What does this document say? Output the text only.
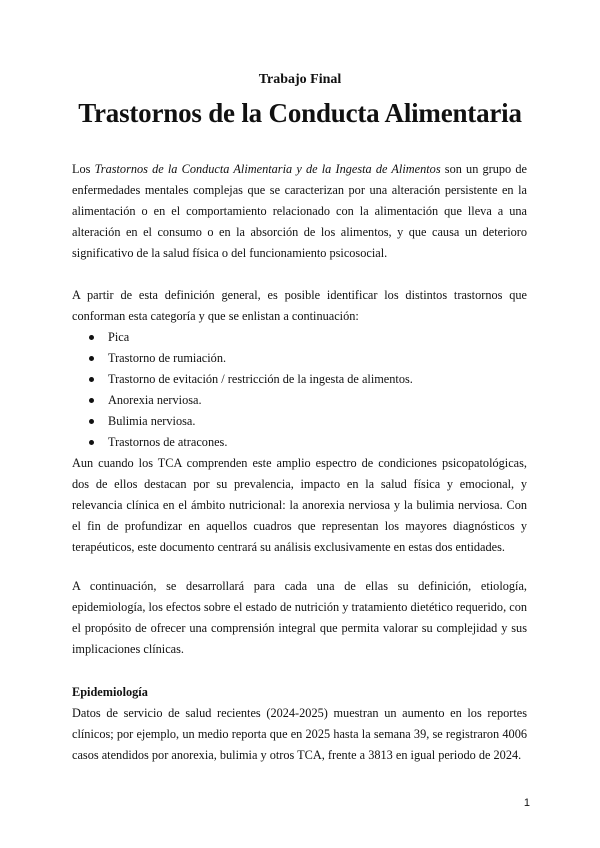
Trabajo Final
Trastornos de la Conducta Alimentaria

Los Trastornos de la Conducta Alimentaria y de la Ingesta de Alimentos son un grupo de enfermedades mentales complejas que se caracterizan por una alteración persistente en la alimentación o en el comportamiento relacionado con la alimentación que lleva a una alteración en el consumo o en la absorción de los alimentos, y que causa un deterioro significativo de la salud física o del funcionamiento psicosocial.

A partir de esta definición general, es posible identificar los distintos trastornos que conforman esta categoría y que se enlistan a continuación:

Pica
Trastorno de rumiación.
Trastorno de evitación / restricción de la ingesta de alimentos.
Anorexia nerviosa.
Bulimia nerviosa.
Trastornos de atracones.

Aun cuando los TCA comprenden este amplio espectro de condiciones psicopatológicas, dos de ellos destacan por su prevalencia, impacto en la salud física y emocional, y relevancia clínica en el ámbito nutricional: la anorexia nerviosa y la bulimia nerviosa. Con el fin de profundizar en aquellos cuadros que representan los mayores diagnósticos y terapéuticos, este documento centrará su análisis exclusivamente en estas dos entidades.

A continuación, se desarrollará para cada una de ellas su definición, etiología, epidemiología, los efectos sobre el estado de nutrición y tratamiento dietético requerido, con el propósito de ofrecer una comprensión integral que permita valorar su complejidad y sus implicaciones clínicas.

Epidemiología

Datos de servicio de salud recientes (2024-2025) muestran un aumento en los reportes clínicos; por ejemplo, un medio reporta que en 2025 hasta la semana 39, se registraron 4006 casos atendidos por anorexia, bulimia y otros TCA, frente a 3813 en igual periodo de 2024.

1
